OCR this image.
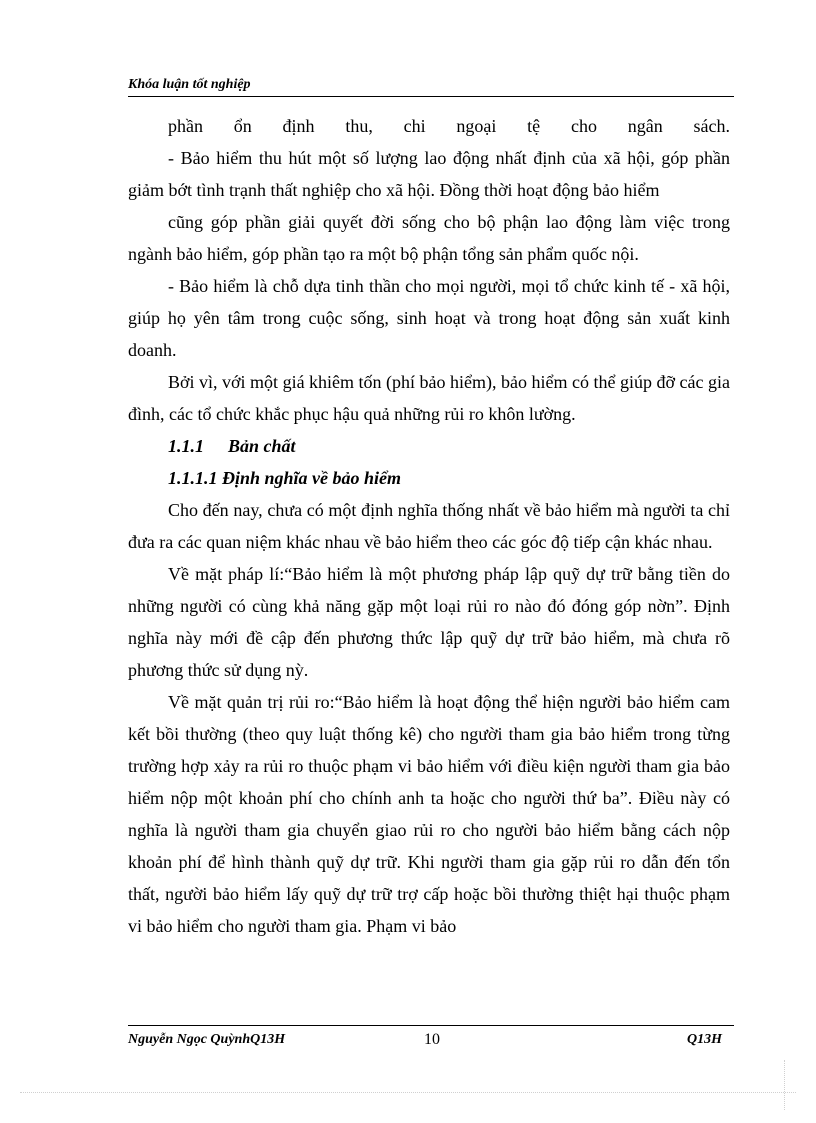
Khóa luận tốt nghiệp

phần ổn định thu, chi ngoại tệ cho ngân sách.

- Bảo hiểm thu hút một số lượng lao động nhất định của xã hội, góp phần giảm bớt tình trạnh thất nghiệp cho xã hội. Đồng thời hoạt động bảo hiểm

cũng góp phần giải quyết đời sống cho bộ phận lao động làm việc trong ngành bảo hiểm, góp phần tạo ra một bộ phận tổng sản phẩm quốc nội.

- Bảo hiểm là chỗ dựa tinh thần cho mọi người, mọi tổ chức kinh tế - xã hội, giúp họ yên tâm trong cuộc sống, sinh hoạt và trong hoạt động sản xuất kinh doanh.

Bởi vì, với một giá khiêm tốn (phí bảo hiểm), bảo hiểm có thể giúp đỡ các gia đình, các tổ chức khắc phục hậu quả những rủi ro khôn lường.

1.1.1 Bản chất

1.1.1.1 Định nghĩa về bảo hiểm

Cho đến nay, chưa có một định nghĩa thống nhất về bảo hiểm mà người ta chỉ đưa ra các quan niệm khác nhau về bảo hiểm theo các góc độ tiếp cận khác nhau.

Về mặt pháp lí:“Bảo hiểm là một phương pháp lập quỹ dự trữ bằng tiền do những người có cùng khả năng gặp một loại rủi ro nào đó đóng góp nờn”. Định nghĩa này mới đề cập đến phương thức lập quỹ dự trữ bảo hiểm, mà chưa rõ phương thức sử dụng nỳ.

Về mặt quản trị rủi ro:“Bảo hiểm là hoạt động thể hiện người bảo hiểm cam kết bồi thường (theo quy luật thống kê) cho người tham gia bảo hiểm trong từng trường hợp xảy ra rủi ro thuộc phạm vi bảo hiểm với điều kiện người tham gia bảo hiểm nộp một khoản phí cho chính anh ta hoặc cho người thứ ba”. Điều này có nghĩa là người tham gia chuyển giao rủi ro cho người bảo hiểm bằng cách nộp khoản phí để hình thành quỹ dự trữ. Khi người tham gia gặp rủi ro dẫn đến tổn thất, người bảo hiểm lấy quỹ dự trữ trợ cấp hoặc bồi thường thiệt hại thuộc phạm vi bảo hiểm cho người tham gia. Phạm vi bảo

Nguyễn Ngọc QuỳnhQ13H	10	Q13H
